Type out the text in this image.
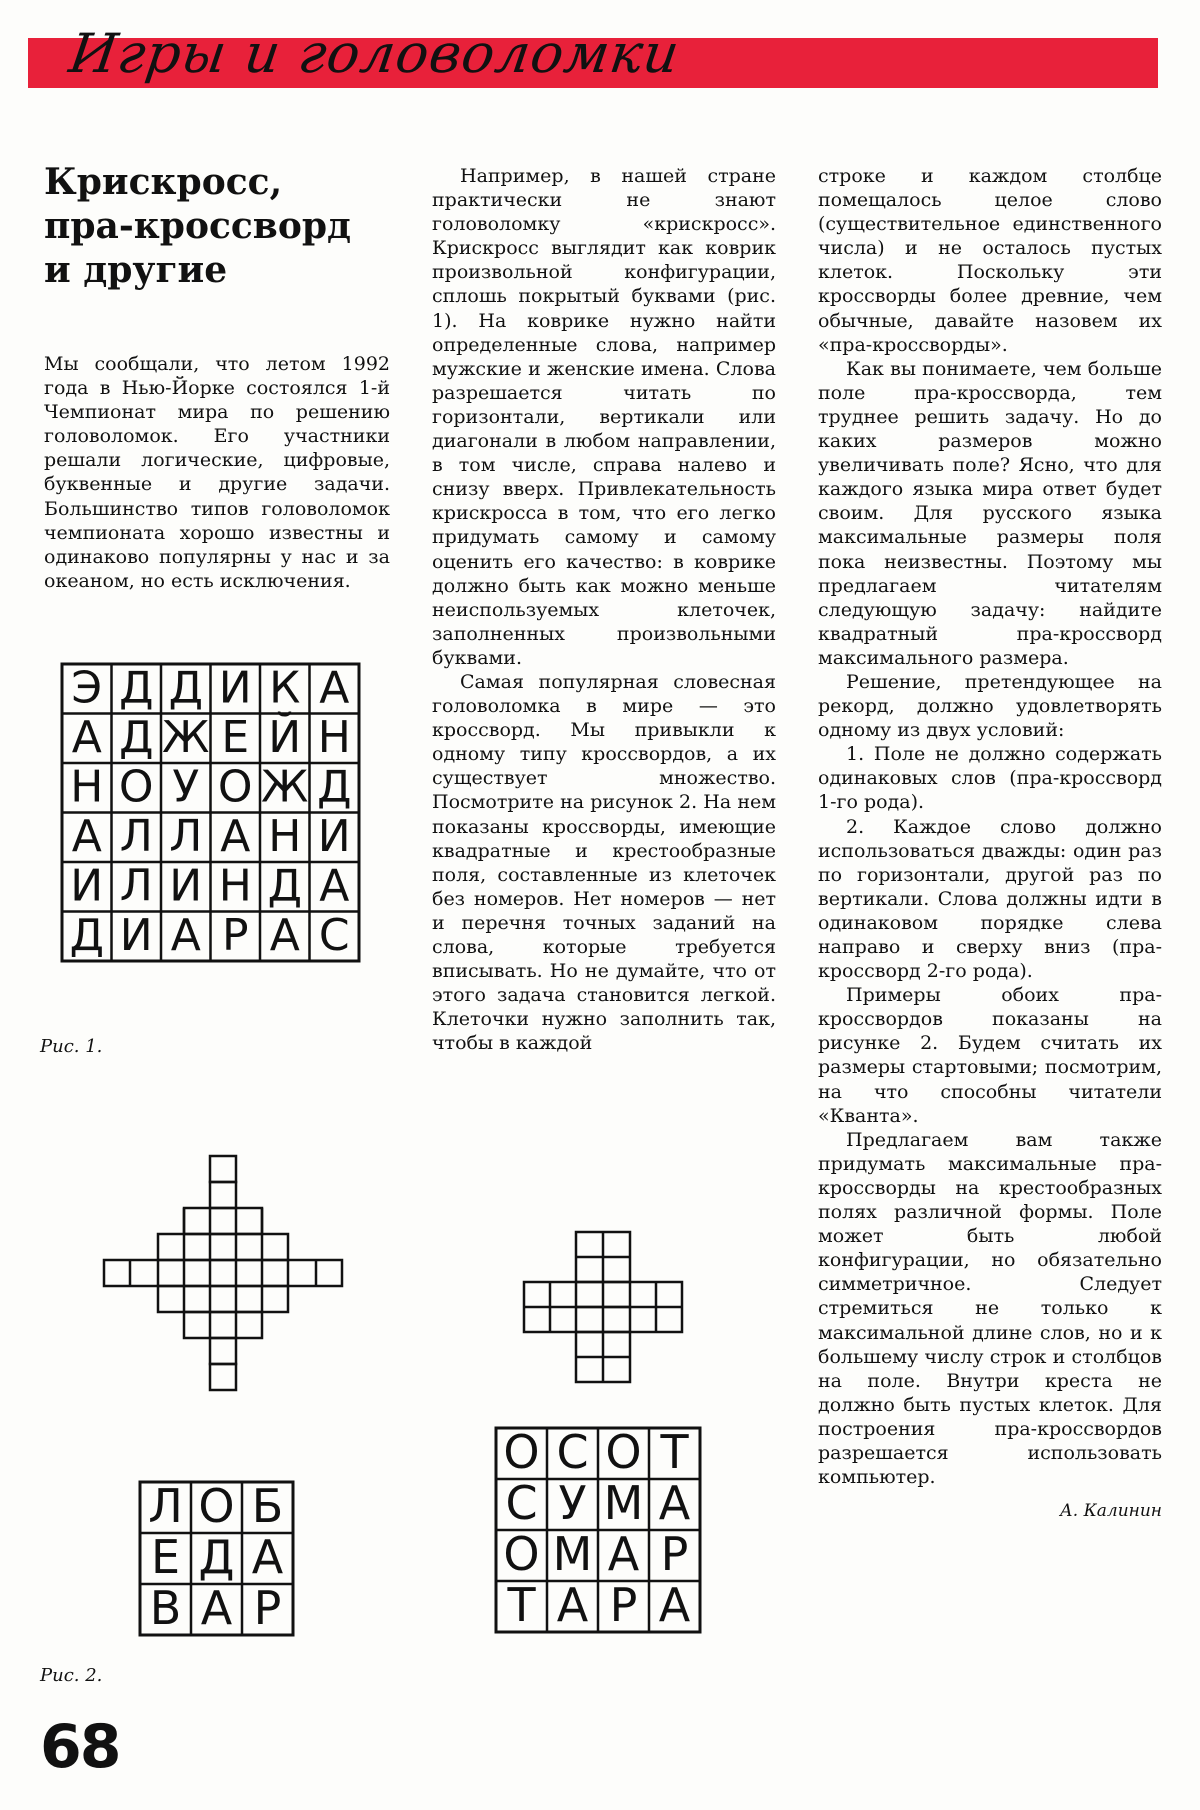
Игры и головоломки
Крискросс,
пра-кроссворд
и другие

Мы сообщали, что летом 1992 года в Нью-Йорке состоялся 1-й Чемпионат мира по решению головоломок. Его участники решали логические, цифровые, буквенные и другие задачи. Большинство типов головоломок чемпионата хорошо известны и одинаково популярны у нас и за океаном, но есть исключения.

Например, в нашей стране практически не знают головоломку «крискросс». Крискросс выглядит как коврик произвольной конфигурации, сплошь покрытый буквами (рис. 1). На коврике нужно найти определенные слова, например мужские и женские имена. Слова разрешается читать по горизонтали, вертикали или диагонали в любом направлении, в том числе, справа налево и снизу вверх. Привлекательность крискросса в том, что его легко придумать самому и самому оценить его качество: в коврике должно быть как можно меньше неиспользуемых клеточек, заполненных произвольными буквами.

Самая популярная словесная головоломка в мире — это кроссворд. Мы привыкли к одному типу кроссвордов, а их существует множество. Посмотрите на рисунок 2. На нем показаны кроссворды, имеющие квадратные и крестообразные поля, составленные из клеточек без номеров. Нет номеров — нет и перечня точных заданий на слова, которые требуется вписывать. Но не думайте, что от этого задача становится легкой. Клеточки нужно заполнить так, чтобы в каждой

строке и каждом столбце помещалось целое слово (существительное единственного числа) и не осталось пустых клеток. Поскольку эти кроссворды более древние, чем обычные, давайте назовем их «пра-кроссворды».

Как вы понимаете, чем больше поле пра-кроссворда, тем труднее решить задачу. Но до каких размеров можно увеличивать поле? Ясно, что для каждого языка мира ответ будет своим. Для русского языка максимальные размеры поля пока неизвестны. Поэтому мы предлагаем читателям следующую задачу: найдите квадратный пра-кроссворд максимального размера.

Решение, претендующее на рекорд, должно удовлетворять одному из двух условий:

1. Поле не должно содержать одинаковых слов (пра-кроссворд 1-го рода).

2. Каждое слово должно использоваться дважды: один раз по горизонтали, другой раз по вертикали. Слова должны идти в одинаковом порядке слева направо и сверху вниз (пра-кроссворд 2-го рода).

Примеры обоих пра-кроссвордов показаны на рисунке 2. Будем считать их размеры стартовыми; посмотрим, на что способны читатели «Кванта».

Предлагаем вам также придумать максимальные пра-кроссворды на крестообразных полях различной формы. Поле может быть любой конфигурации, но обязательно симметричное. Следует стремиться не только к максимальной длине слов, но и к большему числу строк и столбцов на поле. Внутри креста не должно быть пустых клеток. Для построения пра-кроссвордов разрешается использовать компьютер.

А. Калинин

Э Д Д И К А
А Д Ж Е Й Н
Н О У О Ж Д
А Л Л А Н И
И Л И Н Д А
Д И А Р А С
Рис. 1.
Л О Б
Е Д А
В А Р
О С О Т
С У М А
О М А Р
Т А Р А
Рис. 2.
68
